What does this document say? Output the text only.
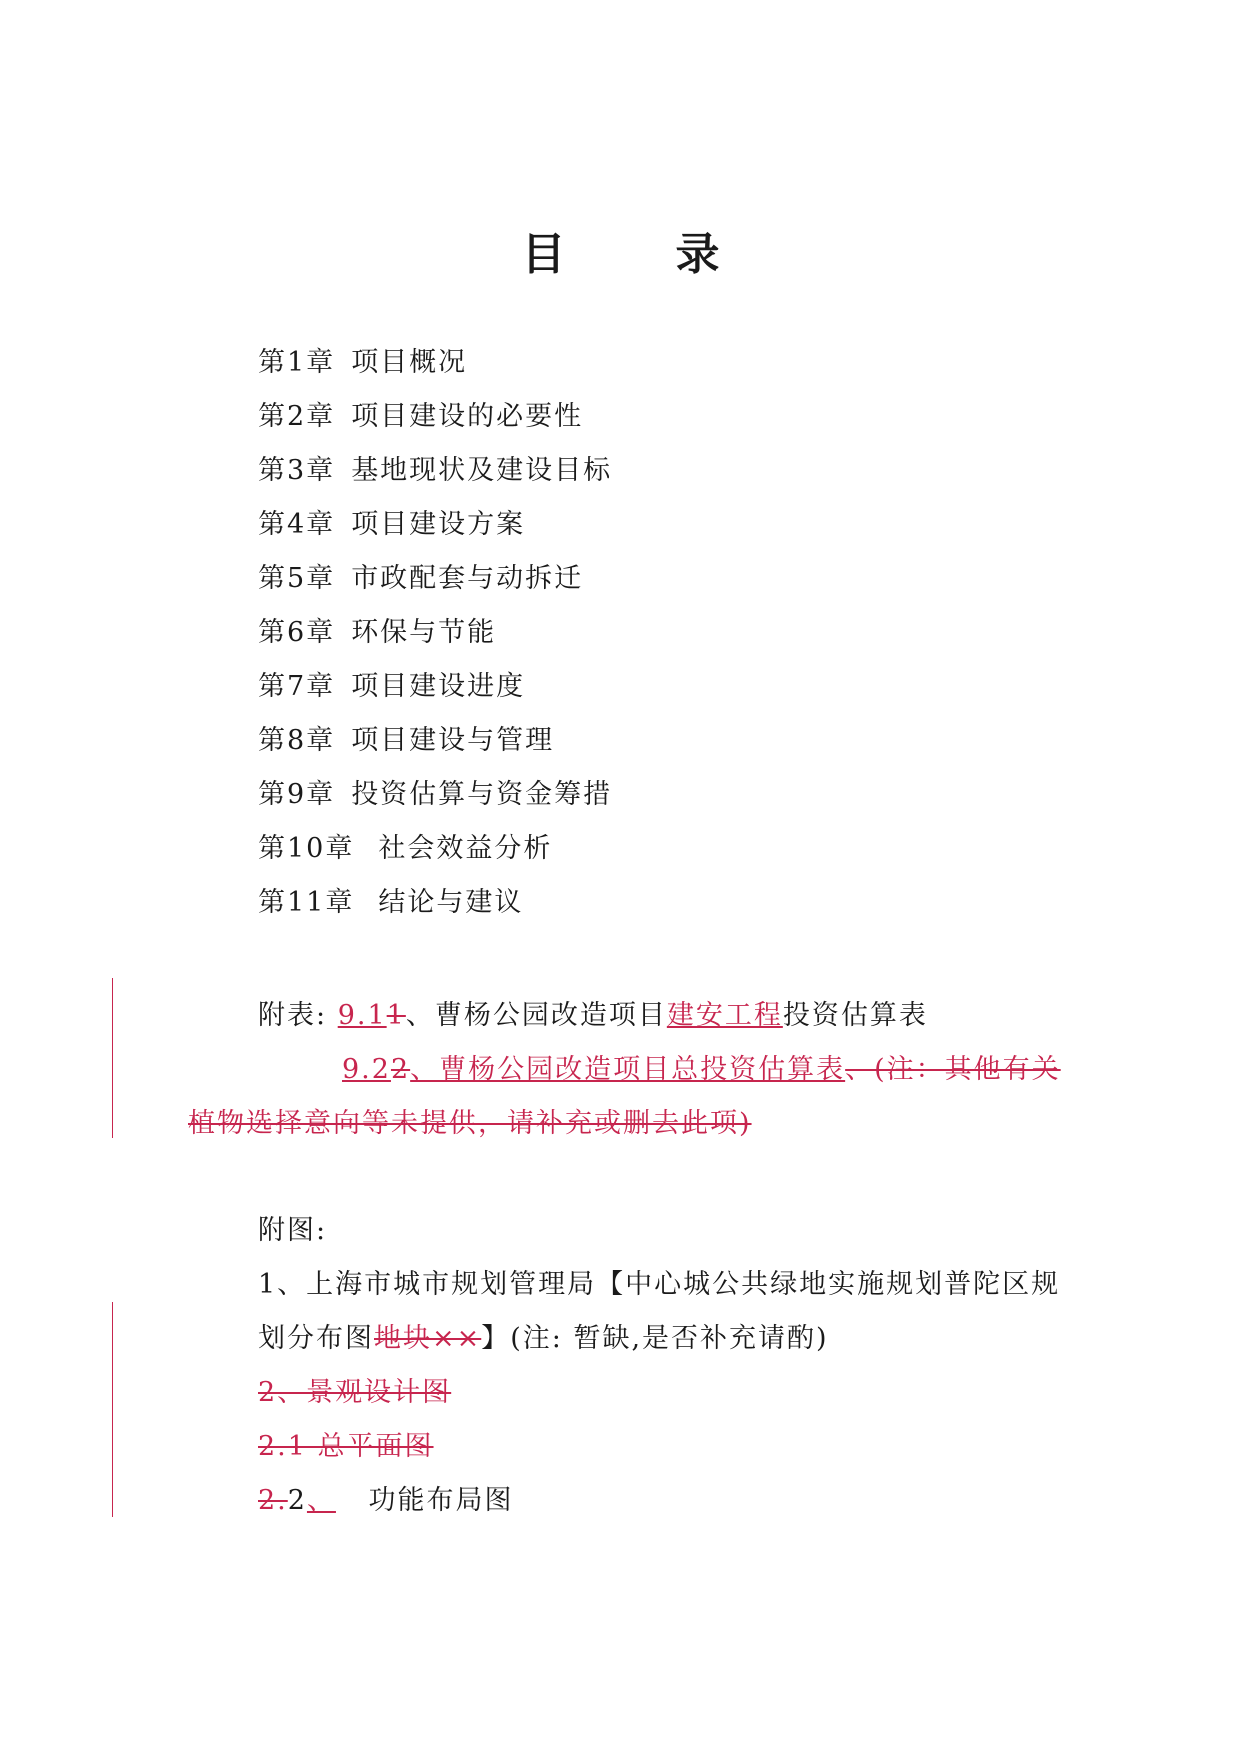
目	录
第1章 项目概况
第2章 项目建设的必要性
第3章 基地现状及建设目标
第4章 项目建设方案
第5章 市政配套与动拆迁
第6章 环保与节能
第7章 项目建设进度
第8章 项目建设与管理
第9章 投资估算与资金筹措
第10章 社会效益分析
第11章 结论与建议
附表: 9.11、曹杨公园改造项目建安工程投资估算表
9.22、曹杨公园改造项目总投资估算表、(注：其他有关
植物选择意向等未提供，请补充或删去此项)
附图:
1、上海市城市规划管理局【中心城公共绿地实施规划普陀区规
划分布图地块××】(注: 暂缺,是否补充请酌)
2、景观设计图
2.1 总平面图
2.2、 功能布局图
